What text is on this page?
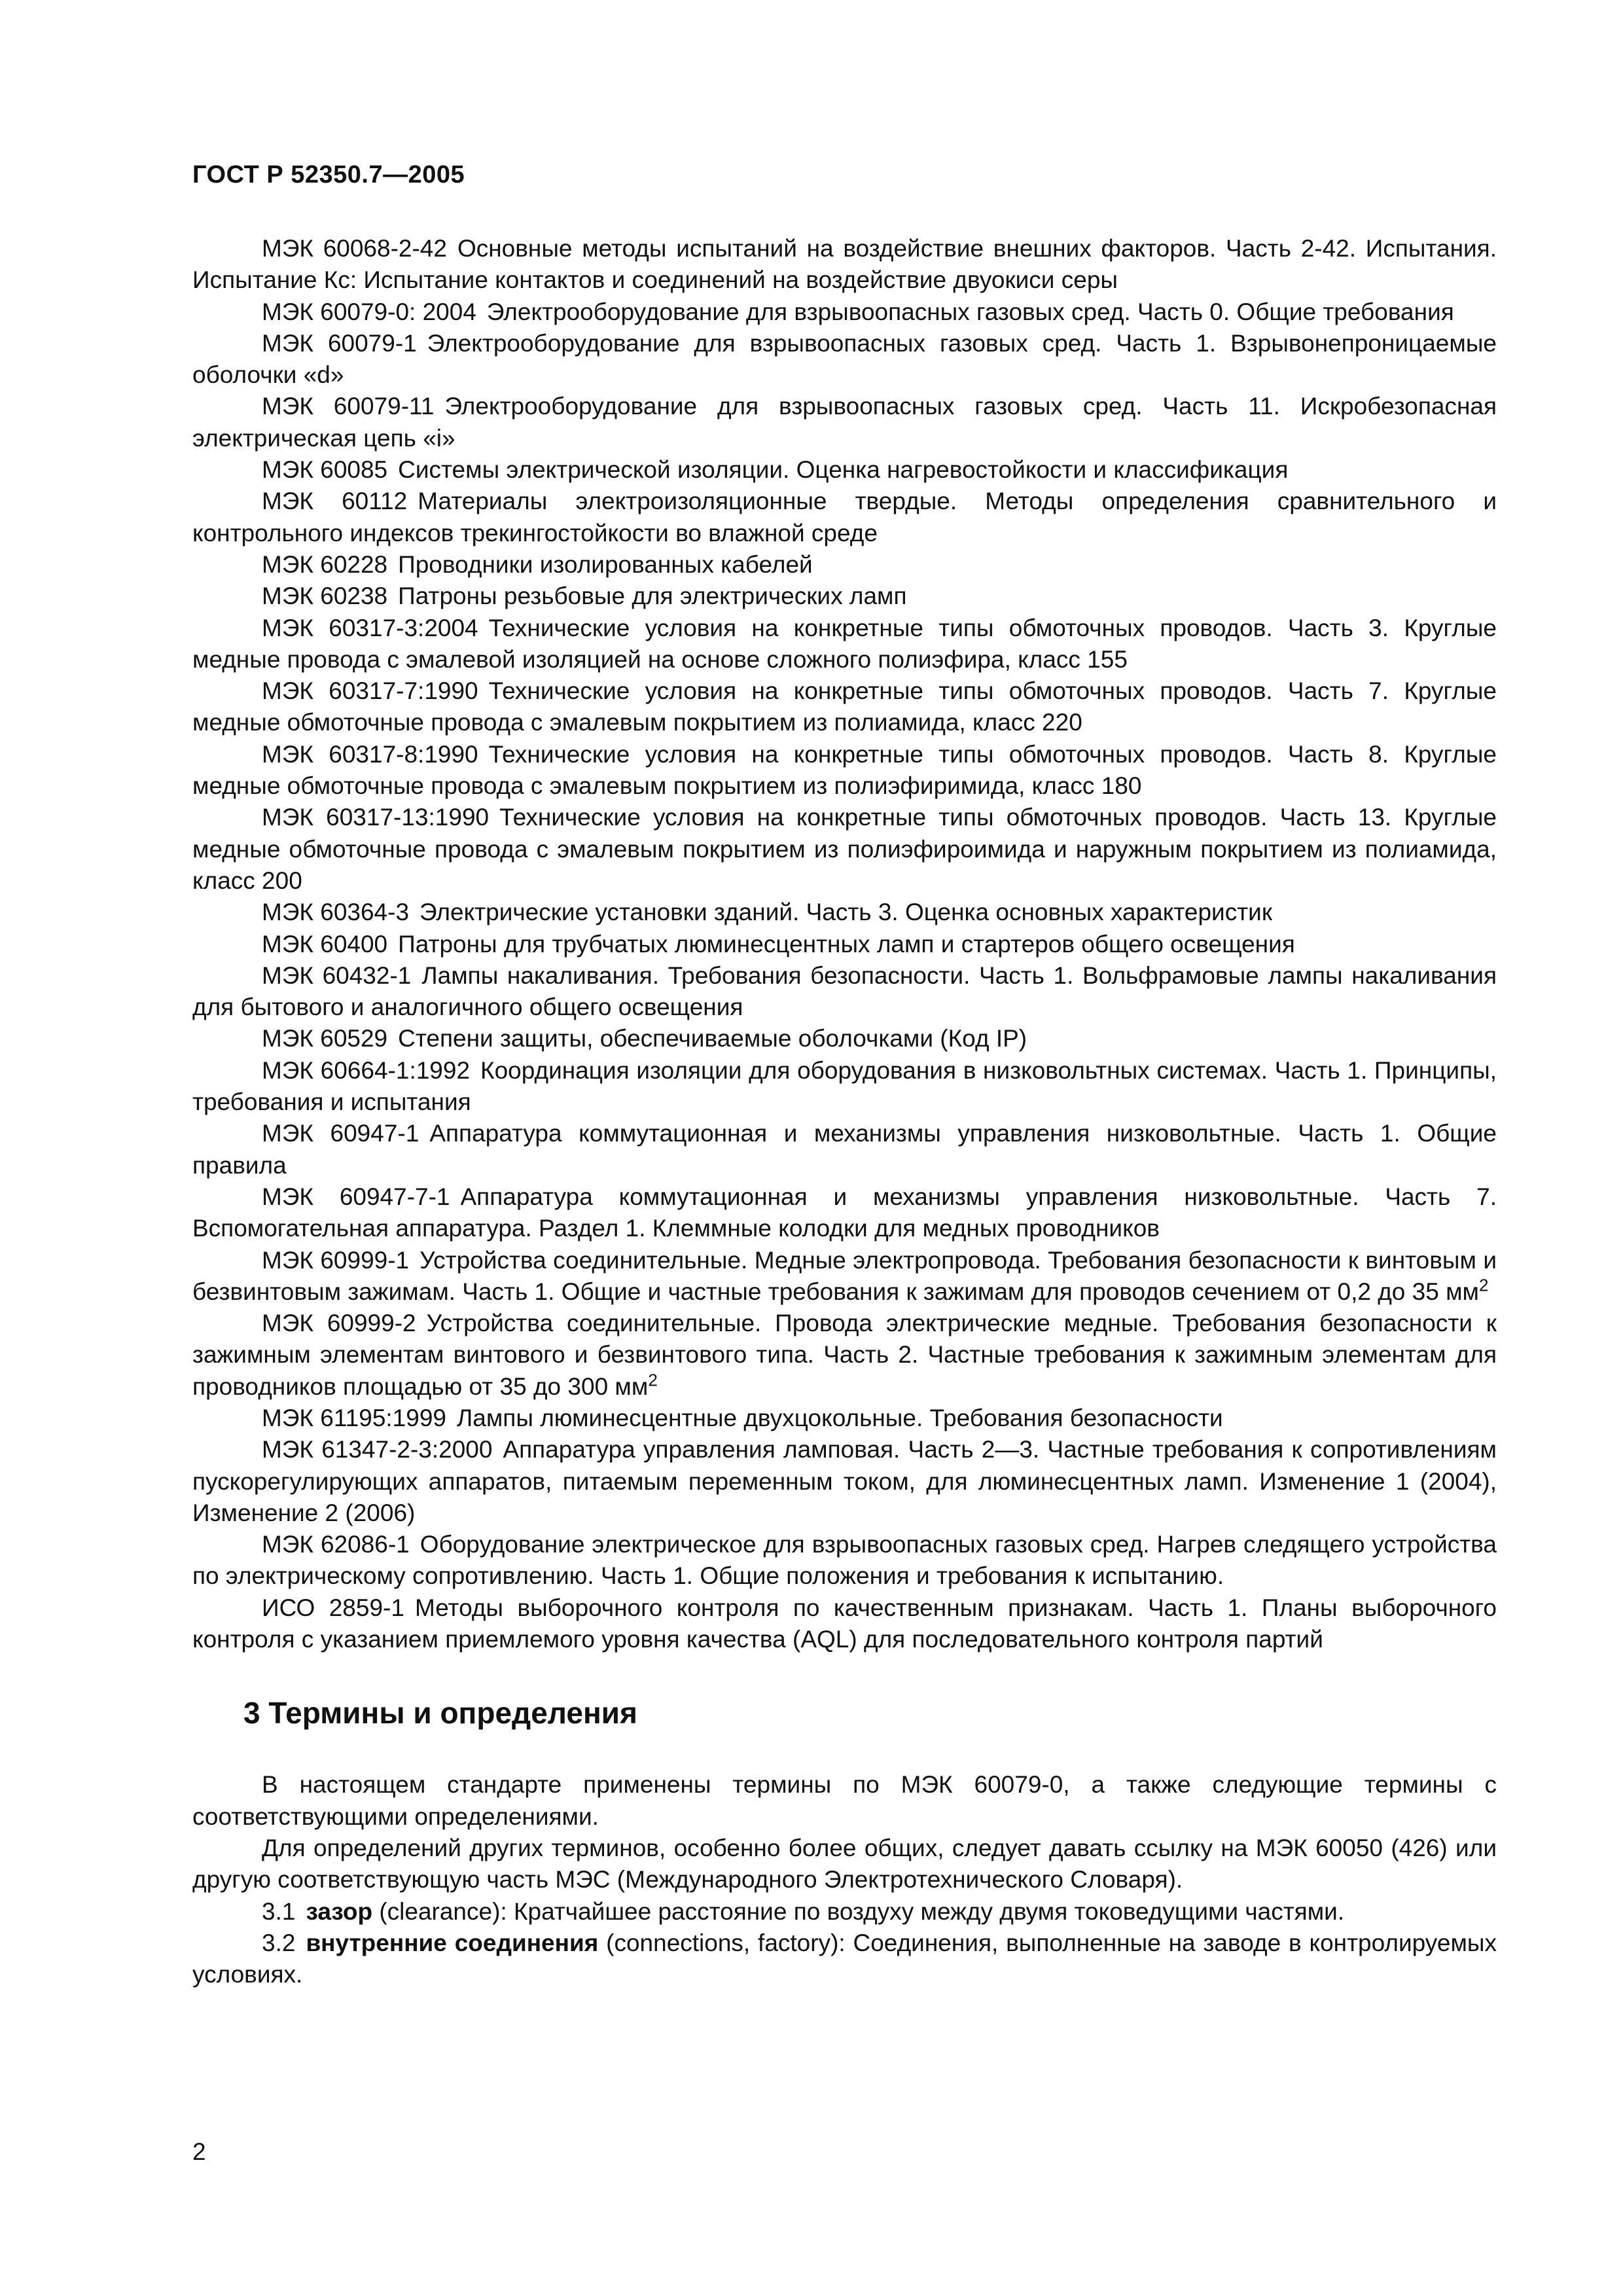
ГОСТ Р 52350.7—2005

МЭК 60068-2-42 Основные методы испытаний на воздействие внешних факторов. Часть 2-42. Испытания. Испытание Кс: Испытание контактов и соединений на воздействие двуокиси серы

МЭК 60079-0: 2004 Электрооборудование для взрывоопасных газовых сред. Часть 0. Общие требования

МЭК 60079-1 Электрооборудование для взрывоопасных газовых сред. Часть 1. Взрывонепроницаемые оболочки «d»

МЭК 60079-11 Электрооборудование для взрывоопасных газовых сред. Часть 11. Искробезопасная электрическая цепь «i»

МЭК 60085 Системы электрической изоляции. Оценка нагревостойкости и классификация

МЭК 60112 Материалы электроизоляционные твердые. Методы определения сравнительного и контрольного индексов трекингостойкости во влажной среде

МЭК 60228 Проводники изолированных кабелей

МЭК 60238 Патроны резьбовые для электрических ламп

МЭК 60317-3:2004 Технические условия на конкретные типы обмоточных проводов. Часть 3. Круглые медные провода с эмалевой изоляцией на основе сложного полиэфира, класс 155

МЭК 60317-7:1990 Технические условия на конкретные типы обмоточных проводов. Часть 7. Круглые медные обмоточные провода с эмалевым покрытием из полиамида, класс 220

МЭК 60317-8:1990 Технические условия на конкретные типы обмоточных проводов. Часть 8. Круглые медные обмоточные провода с эмалевым покрытием из полиэфиримида, класс 180

МЭК 60317-13:1990 Технические условия на конкретные типы обмоточных проводов. Часть 13. Круглые медные обмоточные провода с эмалевым покрытием из полиэфироимида и наружным покрытием из полиамида, класс 200

МЭК 60364-3 Электрические установки зданий. Часть 3. Оценка основных характеристик

МЭК 60400 Патроны для трубчатых люминесцентных ламп и стартеров общего освещения

МЭК 60432-1 Лампы накаливания. Требования безопасности. Часть 1. Вольфрамовые лампы накаливания для бытового и аналогичного общего освещения

МЭК 60529 Степени защиты, обеспечиваемые оболочками (Код IP)

МЭК 60664-1:1992 Координация изоляции для оборудования в низковольтных системах. Часть 1. Принципы, требования и испытания

МЭК 60947-1 Аппаратура коммутационная и механизмы управления низковольтные. Часть 1. Общие правила

МЭК 60947-7-1 Аппаратура коммутационная и механизмы управления низковольтные. Часть 7. Вспомогательная аппаратура. Раздел 1. Клеммные колодки для медных проводников

МЭК 60999-1 Устройства соединительные. Медные электропровода. Требования безопасности к винтовым и безвинтовым зажимам. Часть 1. Общие и частные требования к зажимам для проводов сечением от 0,2 до 35 $мм^2$

МЭК 60999-2 Устройства соединительные. Провода электрические медные. Требования безопасности к зажимным элементам винтового и безвинтового типа. Часть 2. Частные требования к зажимным элементам для проводников площадью от 35 до 300 $мм^2$

МЭК 61195:1999 Лампы люминесцентные двухцокольные. Требования безопасности

МЭК 61347-2-3:2000 Аппаратура управления ламповая. Часть 2—3. Частные требования к сопротивлениям пускорегулирующих аппаратов, питаемым переменным током, для люминесцентных ламп. Изменение 1 (2004), Изменение 2 (2006)

МЭК 62086-1 Оборудование электрическое для взрывоопасных газовых сред. Нагрев следящего устройства по электрическому сопротивлению. Часть 1. Общие положения и требования к испытанию.

ИСО 2859-1 Методы выборочного контроля по качественным признакам. Часть 1. Планы выборочного контроля с указанием приемлемого уровня качества (AQL) для последовательного контроля партий

3 Термины и определения

В настоящем стандарте применены термины по МЭК 60079-0, а также следующие термины с соответствующими определениями.

Для определений других терминов, особенно более общих, следует давать ссылку на МЭК 60050 (426) или другую соответствующую часть МЭС (Международного Электротехнического Словаря).

3.1 зазор (clearance): Кратчайшее расстояние по воздуху между двумя токоведущими частями.

3.2 внутренние соединения (connections, factory): Соединения, выполненные на заводе в контролируемых условиях.

2
